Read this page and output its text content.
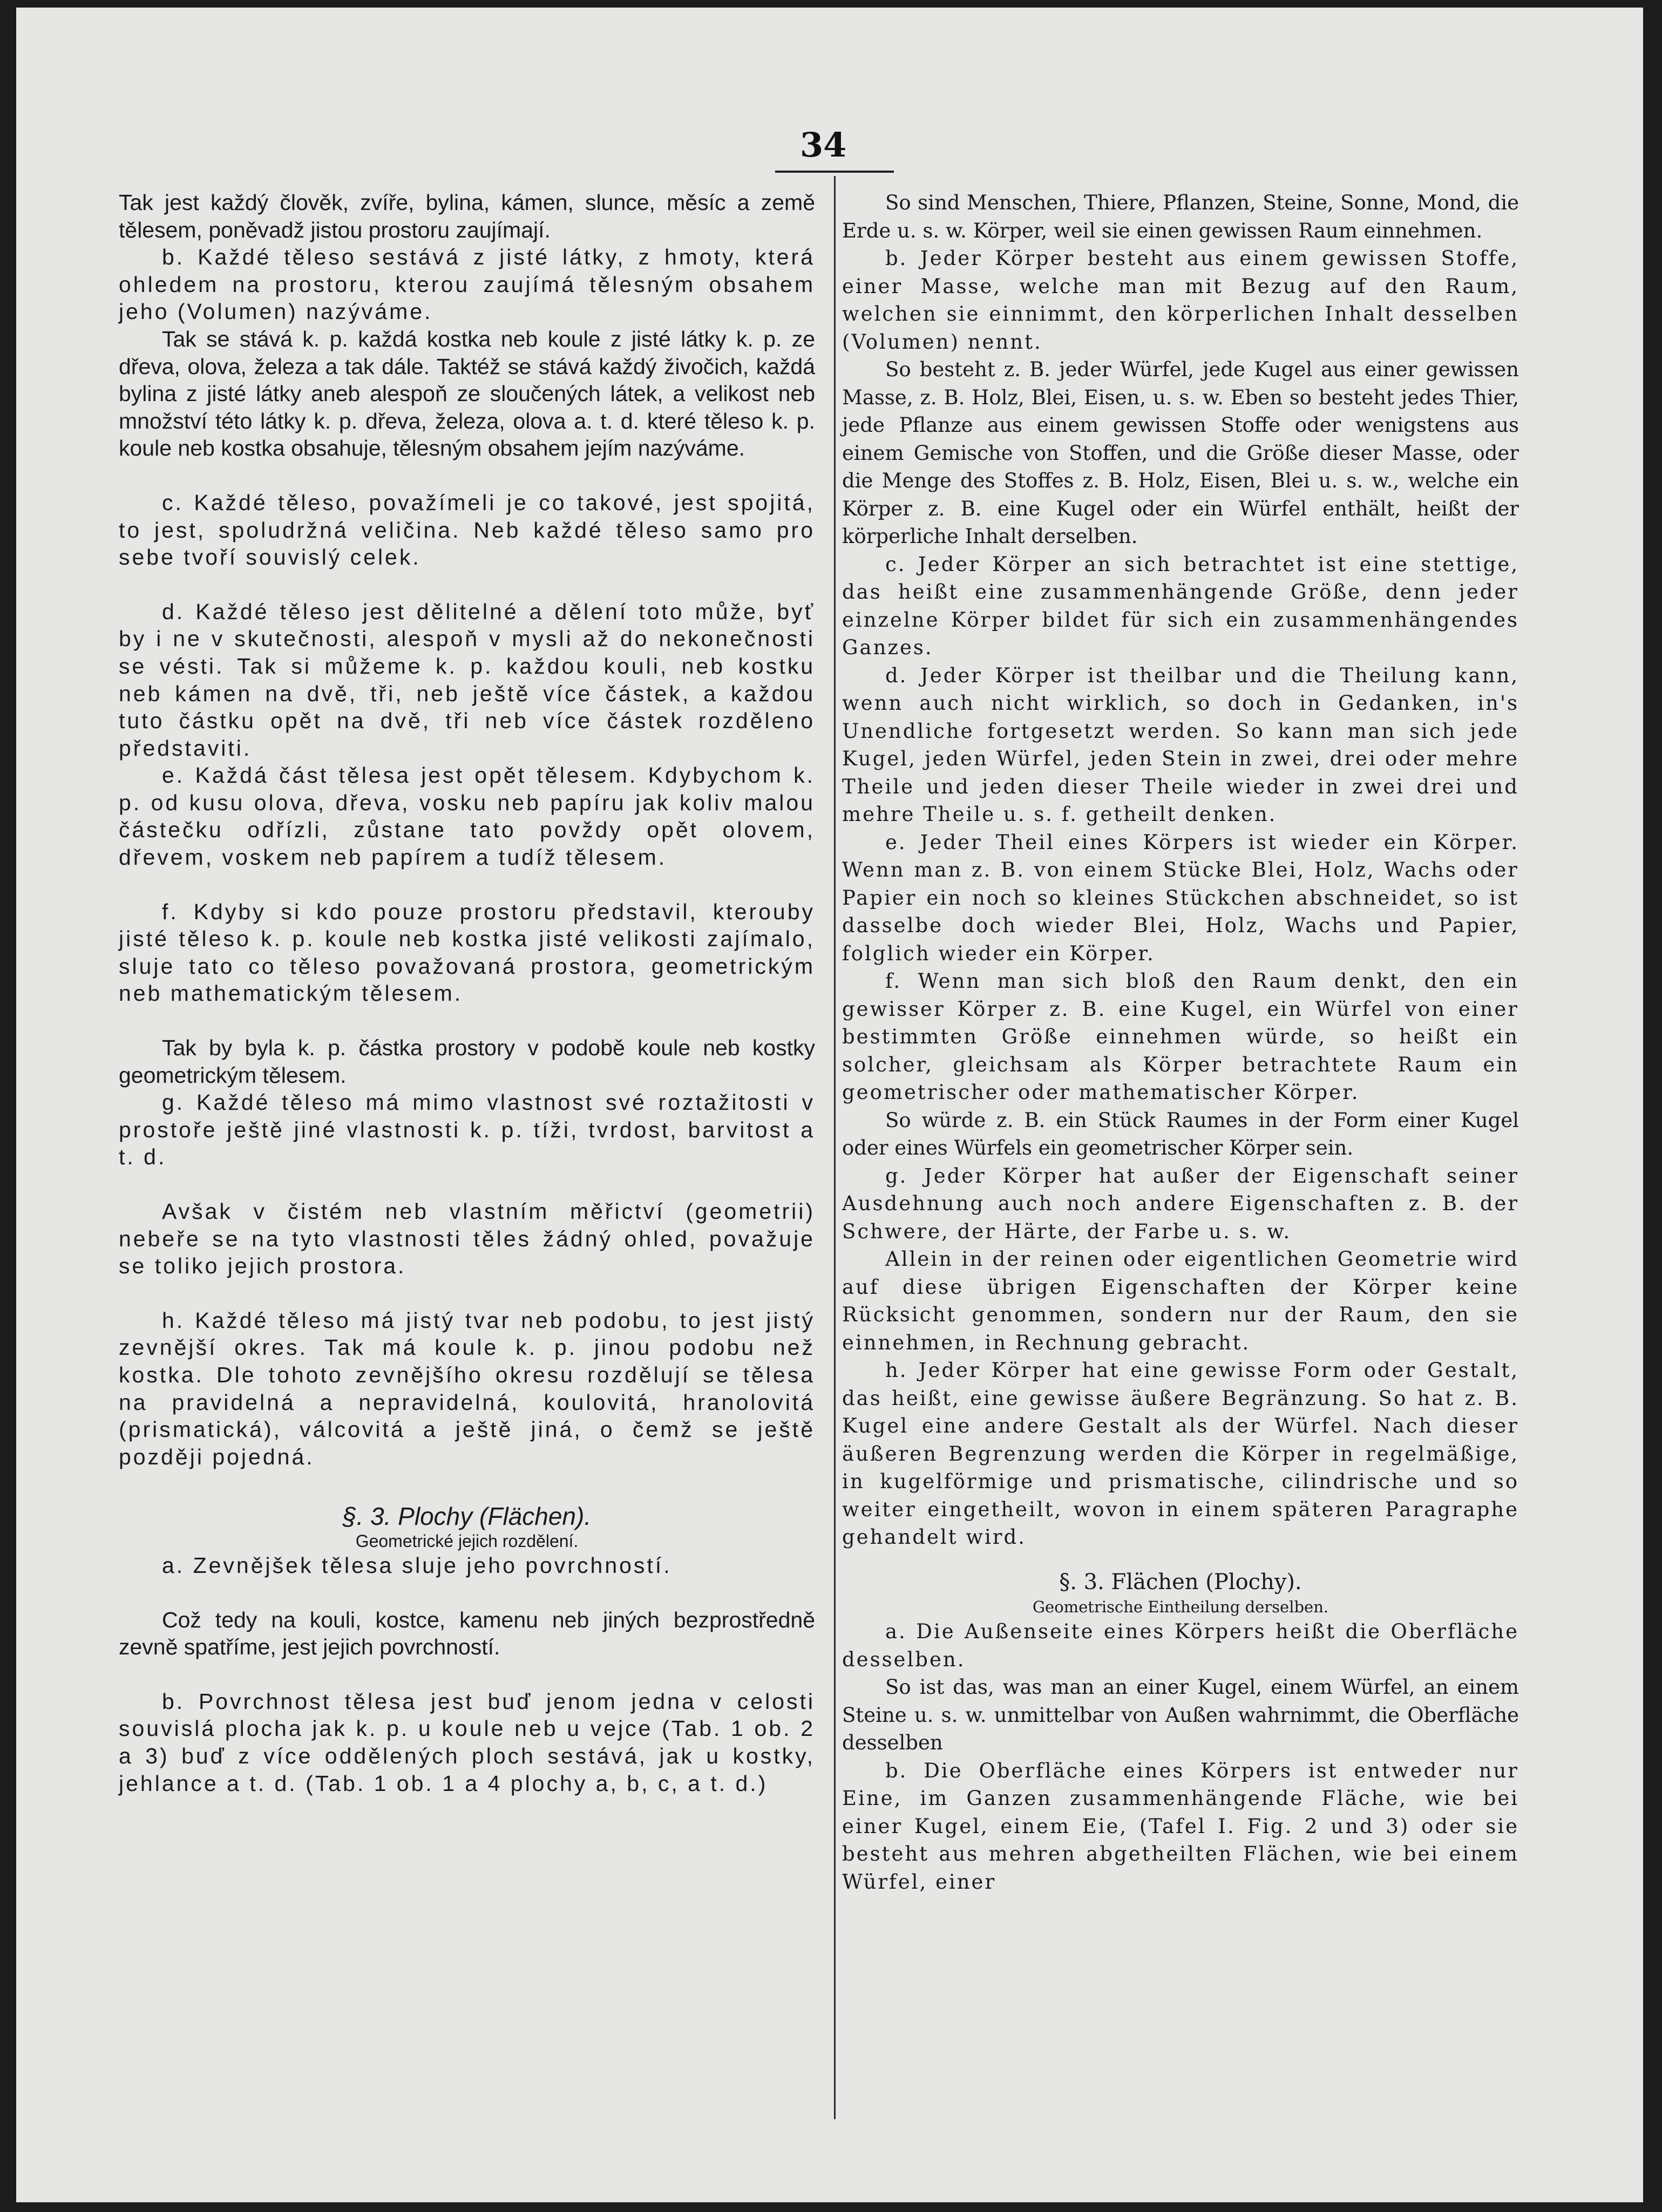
34

Tak jest každý člověk, zvíře, bylina, kámen, slunce, měsíc a země tělesem, poněvadž jistou prostoru zaujímají.

b. Každé těleso sestává z jisté látky, z hmoty, která ohledem na prostoru, kterou zaujímá tělesným obsahem jeho (Volumen) nazýváme.

Tak se stává k. p. každá kostka neb koule z jisté látky k. p. ze dřeva, olova, železa a tak dále. Taktéž se stává každý živočich, každá bylina z jisté látky aneb alespoň ze sloučených látek, a velikost neb množství této látky k. p. dřeva, železa, olova a. t. d. které těleso k. p. koule neb kostka obsahuje, tělesným obsahem jejím nazýváme.

c. Každé těleso, považímeli je co takové, jest spojitá, to jest, spoludržná veličina. Neb každé těleso samo pro sebe tvoří souvislý celek.

d. Každé těleso jest dělitelné a dělení toto může, byť by i ne v skutečnosti, alespoň v mysli až do nekonečnosti se vésti. Tak si můžeme k. p. každou kouli, neb kostku neb kámen na dvě, tři, neb ještě více částek, a každou tuto částku opět na dvě, tři neb více částek rozděleno představiti.

e. Každá část tělesa jest opět tělesem. Kdybychom k. p. od kusu olova, dřeva, vosku neb papíru jak koliv malou částečku odřízli, zůstane tato povždy opět olovem, dřevem, voskem neb papírem a tudíž tělesem.

f. Kdyby si kdo pouze prostoru představil, kterouby jisté těleso k. p. koule neb kostka jisté velikosti zajímalo, sluje tato co těleso považovaná prostora, geometrickým neb mathematickým tělesem.

Tak by byla k. p. částka prostory v podobě koule neb kostky geometrickým tělesem.

g. Každé těleso má mimo vlastnost své roztažitosti v prostoře ještě jiné vlastnosti k. p. tíži, tvrdost, barvitost a t. d.

Avšak v čistém neb vlastním měřictví (geometrii) nebeře se na tyto vlastnosti těles žádný ohled, považuje se toliko jejich prostora.

h. Každé těleso má jistý tvar neb podobu, to jest jistý zevnější okres. Tak má koule k. p. jinou podobu než kostka. Dle tohoto zevnějšího okresu rozdělují se tělesa na pravidelná a nepravidelná, koulovitá, hranolovitá (prismatická), válcovitá a ještě jiná, o čemž se ještě později pojedná.

§. 3. Plochy (Flächen).

Geometrické jejich rozdělení.

a. Zevnějšek tělesa sluje jeho povrchností.

Což tedy na kouli, kostce, kamenu neb jiných bezprostředně zevně spatříme, jest jejich povrchností.

b. Povrchnost tělesa jest buď jenom jedna v celosti souvislá plocha jak k. p. u koule neb u vejce (Tab. 1 ob. 2 a 3) buď z více oddělených ploch sestává, jak u kostky, jehlance a t. d. (Tab. 1 ob. 1 a 4 plochy a, b, c, a t. d.)

So sind Menschen, Thiere, Pflanzen, Steine, Sonne, Mond, die Erde u. s. w. Körper, weil sie einen gewissen Raum einnehmen.

b. Jeder Körper besteht aus einem gewissen Stoffe, einer Masse, welche man mit Bezug auf den Raum, welchen sie einnimmt, den körperlichen Inhalt desselben (Volumen) nennt.

So besteht z. B. jeder Würfel, jede Kugel aus einer gewissen Masse, z. B. Holz, Blei, Eisen, u. s. w. Eben so besteht jedes Thier, jede Pflanze aus einem gewissen Stoffe oder wenigstens aus einem Gemische von Stoffen, und die Größe dieser Masse, oder die Menge des Stoffes z. B. Holz, Eisen, Blei u. s. w., welche ein Körper z. B. eine Kugel oder ein Würfel enthält, heißt der körperliche Inhalt derselben.

c. Jeder Körper an sich betrachtet ist eine stettige, das heißt eine zusammenhängende Größe, denn jeder einzelne Körper bildet für sich ein zusammenhängendes Ganzes.

d. Jeder Körper ist theilbar und die Theilung kann, wenn auch nicht wirklich, so doch in Gedanken, in's Unendliche fortgesetzt werden. So kann man sich jede Kugel, jeden Würfel, jeden Stein in zwei, drei oder mehre Theile und jeden dieser Theile wieder in zwei drei und mehre Theile u. s. f. getheilt denken.

e. Jeder Theil eines Körpers ist wieder ein Körper. Wenn man z. B. von einem Stücke Blei, Holz, Wachs oder Papier ein noch so kleines Stückchen abschneidet, so ist dasselbe doch wieder Blei, Holz, Wachs und Papier, folglich wieder ein Körper.

f. Wenn man sich bloß den Raum denkt, den ein gewisser Körper z. B. eine Kugel, ein Würfel von einer bestimmten Größe einnehmen würde, so heißt ein solcher, gleichsam als Körper betrachtete Raum ein geometrischer oder mathematischer Körper.

So würde z. B. ein Stück Raumes in der Form einer Kugel oder eines Würfels ein geometrischer Körper sein.

g. Jeder Körper hat außer der Eigenschaft seiner Ausdehnung auch noch andere Eigenschaften z. B. der Schwere, der Härte, der Farbe u. s. w.

Allein in der reinen oder eigentlichen Geometrie wird auf diese übrigen Eigenschaften der Körper keine Rücksicht genommen, sondern nur der Raum, den sie einnehmen, in Rechnung gebracht.

h. Jeder Körper hat eine gewisse Form oder Gestalt, das heißt, eine gewisse äußere Begränzung. So hat z. B. Kugel eine andere Gestalt als der Würfel. Nach dieser äußeren Begrenzung werden die Körper in regelmäßige, in kugelförmige und prismatische, cilindrische und so weiter eingetheilt, wovon in einem späteren Paragraphe gehandelt wird.

§. 3. Flächen (Plochy).

Geometrische Eintheilung derselben.

a. Die Außenseite eines Körpers heißt die Oberfläche desselben.

So ist das, was man an einer Kugel, einem Würfel, an einem Steine u. s. w. unmittelbar von Außen wahrnimmt, die Oberfläche desselben

b. Die Oberfläche eines Körpers ist entweder nur Eine, im Ganzen zusammenhängende Fläche, wie bei einer Kugel, einem Eie, (Tafel I. Fig. 2 und 3) oder sie besteht aus mehren abgetheilten Flächen, wie bei einem Würfel, einer
